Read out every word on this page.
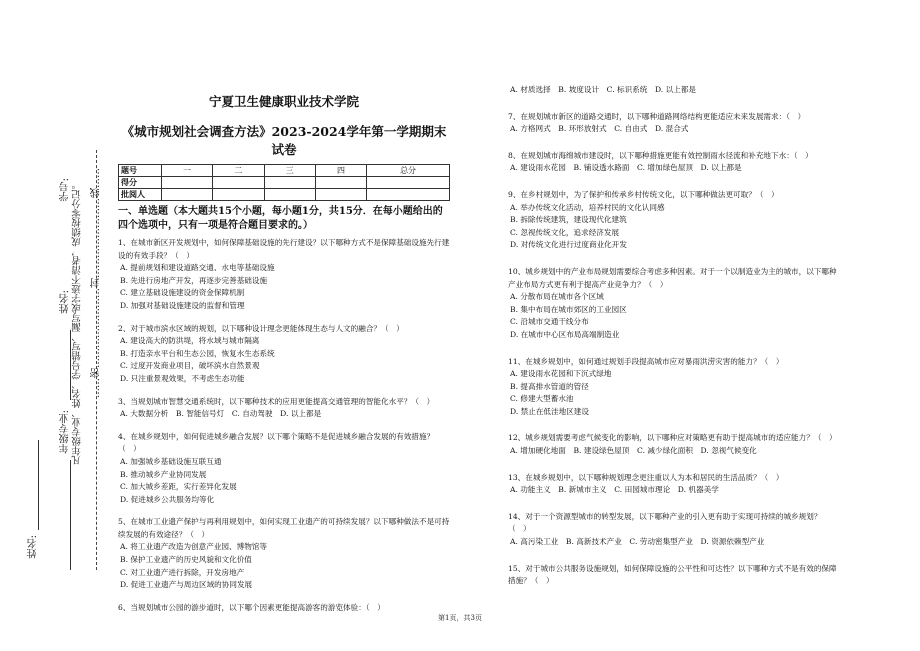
……密……………………封……………………线……
学号: 凡年级专业、姓名、学号错写、漏写或字迹不清者，成绩按零分记。
姓名:
年级专业:
姓名:
宁夏卫生健康职业技术学院
《城市规划社会调查方法》2023-2024学年第一学期期末试卷
题号	一	二	三	四	总分
得分					
批阅人					
一、单选题（本大题共15个小题，每小题1分，共15分．在每小题给出的四个选项中，只有一项是符合题目要求的。）
1、在城市新区开发规划中，如何保障基础设施的先行建设？以下哪种方式不是保障基础设施先行建设的有效手段？（　）
A. 提前规划和建设道路交通、水电等基础设施
B. 先进行房地产开发，再逐步完善基础设施
C. 建立基础设施建设的资金保障机制
D. 加强对基础设施建设的监督和管理
2、对于城市滨水区域的规划，以下哪种设计理念更能体现生态与人文的融合？（　）
A. 建设高大的防洪堤，将水域与城市隔离
B. 打造亲水平台和生态公园，恢复水生态系统
C. 过度开发商业项目，破坏滨水自然景观
D. 只注重景观效果，不考虑生态功能
3、当规划城市智慧交通系统时，以下哪种技术的应用更能提高交通管理的智能化水平？（　）
A. 大数据分析　B. 智能信号灯　C. 自动驾驶　D. 以上都是
4、在城乡规划中，如何促进城乡融合发展？以下哪个策略不是促进城乡融合发展的有效措施？（　）
A. 加强城乡基础设施互联互通
B. 推动城乡产业协同发展
C. 加大城乡差距，实行差异化发展
D. 促进城乡公共服务均等化
5、在城市工业遗产保护与再利用规划中，如何实现工业遗产的可持续发展？以下哪种做法不是可持续发展的有效途径？（　）
A. 将工业遗产改造为创意产业园、博物馆等
B. 保护工业遗产的历史风貌和文化价值
C. 对工业遗产进行拆除，开发房地产
D. 促进工业遗产与周边区域的协同发展
6、当规划城市公园的游步道时，以下哪个因素更能提高游客的游览体验：（　）
A. 材质选择　B. 坡度设计　C. 标识系统　D. 以上都是
7、在规划城市新区的道路交通时，以下哪种道路网络结构更能适应未来发展需求：（　）
A. 方格网式　B. 环形放射式　C. 自由式　D. 混合式
8、在规划城市海绵城市建设时，以下哪种措施更能有效控制雨水径流和补充地下水：（　）
A. 建设雨水花园　B. 铺设透水路面　C. 增加绿色屋顶　D. 以上都是
9、在乡村规划中，为了保护和传承乡村传统文化，以下哪种做法更可取？（　）
A. 举办传统文化活动，培养村民的文化认同感
B. 拆除传统建筑，建设现代化建筑
C. 忽视传统文化，追求经济发展
D. 对传统文化进行过度商业化开发
10、城乡规划中的产业布局规划需要综合考虑多种因素。对于一个以制造业为主的城市，以下哪种产业布局方式更有利于提高产业竞争力？（　）
A. 分散布局在城市各个区域
B. 集中布局在城市郊区的工业园区
C. 沿城市交通干线分布
D. 在城市中心区布局高端制造业
11、在城乡规划中，如何通过规划手段提高城市应对暴雨洪涝灾害的能力？（　）
A. 建设雨水花园和下沉式绿地
B. 提高排水管道的管径
C. 修建大型蓄水池
D. 禁止在低洼地区建设
12、城乡规划需要考虑气候变化的影响，以下哪种应对策略更有助于提高城市的适应能力？（　）
A. 增加硬化地面　B. 建设绿色屋顶　C. 减少绿化面积　D. 忽视气候变化
13、在城乡规划中，以下哪种规划理念更注重以人为本和居民的生活品质？（　）
A. 功能主义　B. 新城市主义　C. 田园城市理论　D. 机器美学
14、对于一个资源型城市的转型发展，以下哪种产业的引入更有助于实现可持续的城乡规划？（　）
A. 高污染工业　B. 高新技术产业　C. 劳动密集型产业　D. 资源依赖型产业
15、对于城市公共服务设施规划，如何保障设施的公平性和可达性？以下哪种方式不是有效的保障措施？（　）
第1页，共3页
